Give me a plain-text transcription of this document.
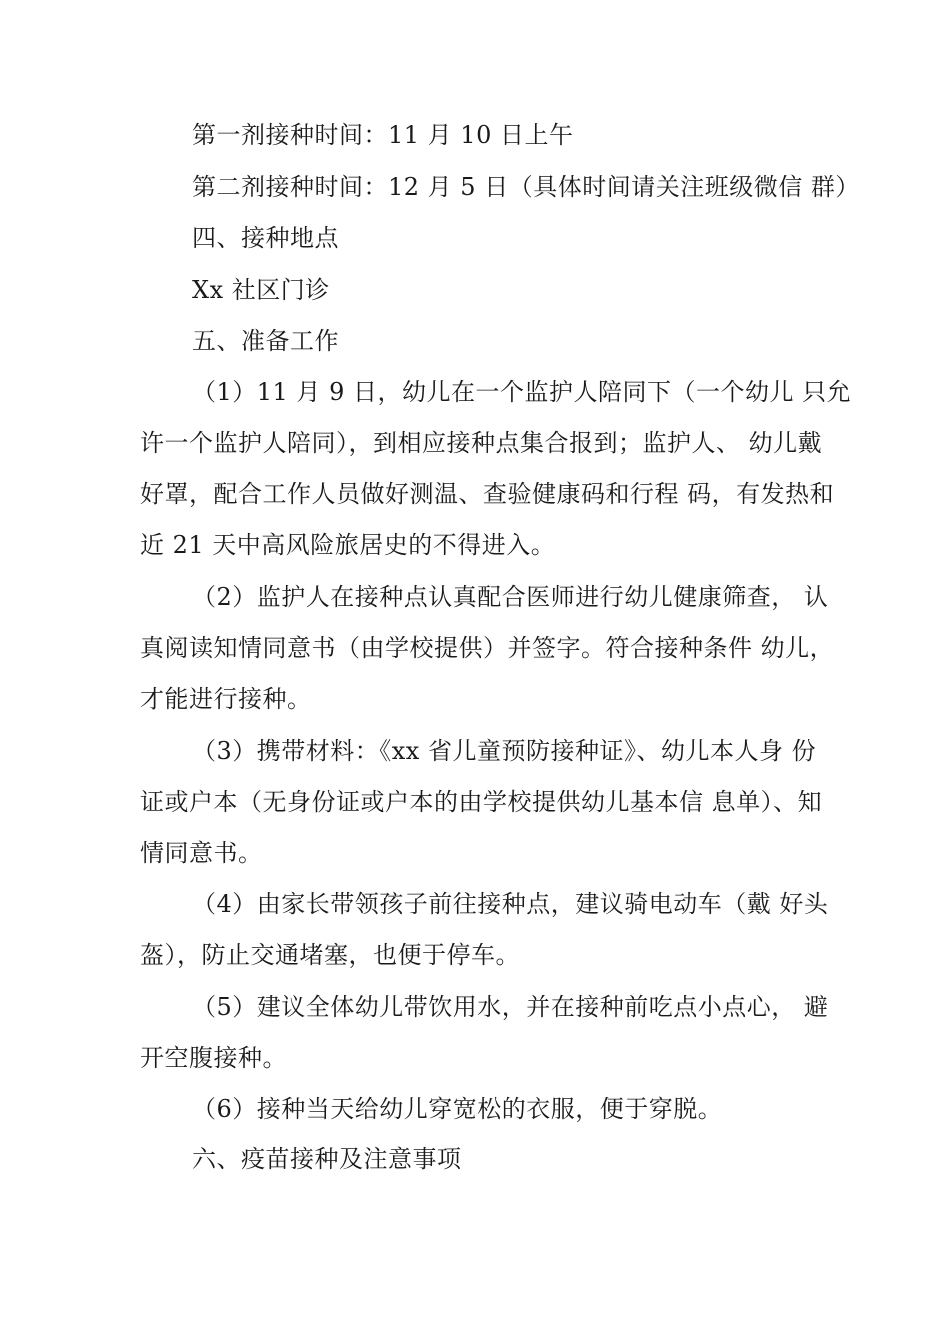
第一剂接种时间：11 月 10 日上午
第二剂接种时间：12 月 5 日（具体时间请关注班级微信 群）
四、接种地点
Xx 社区门诊
五、准备工作
（1）11 月 9 日，幼儿在一个监护人陪同下（一个幼儿 只允
许一个监护人陪同），到相应接种点集合报到；监护人、 幼儿戴
好罩，配合工作人员做好测温、查验健康码和行程 码，有发热和
近 21 天中高风险旅居史的不得进入。
（2）监护人在接种点认真配合医师进行幼儿健康筛查， 认
真阅读知情同意书（由学校提供）并签字。符合接种条件 幼儿，
才能进行接种。
（3）携带材料：《xx 省儿童预防接种证》、幼儿本人身 份
证或户本（无身份证或户本的由学校提供幼儿基本信 息单）、知
情同意书。
（4）由家长带领孩子前往接种点，建议骑电动车（戴 好头
盔），防止交通堵塞，也便于停车。
（5）建议全体幼儿带饮用水，并在接种前吃点小点心， 避
开空腹接种。
（6）接种当天给幼儿穿宽松的衣服，便于穿脱。
六、疫苗接种及注意事项
